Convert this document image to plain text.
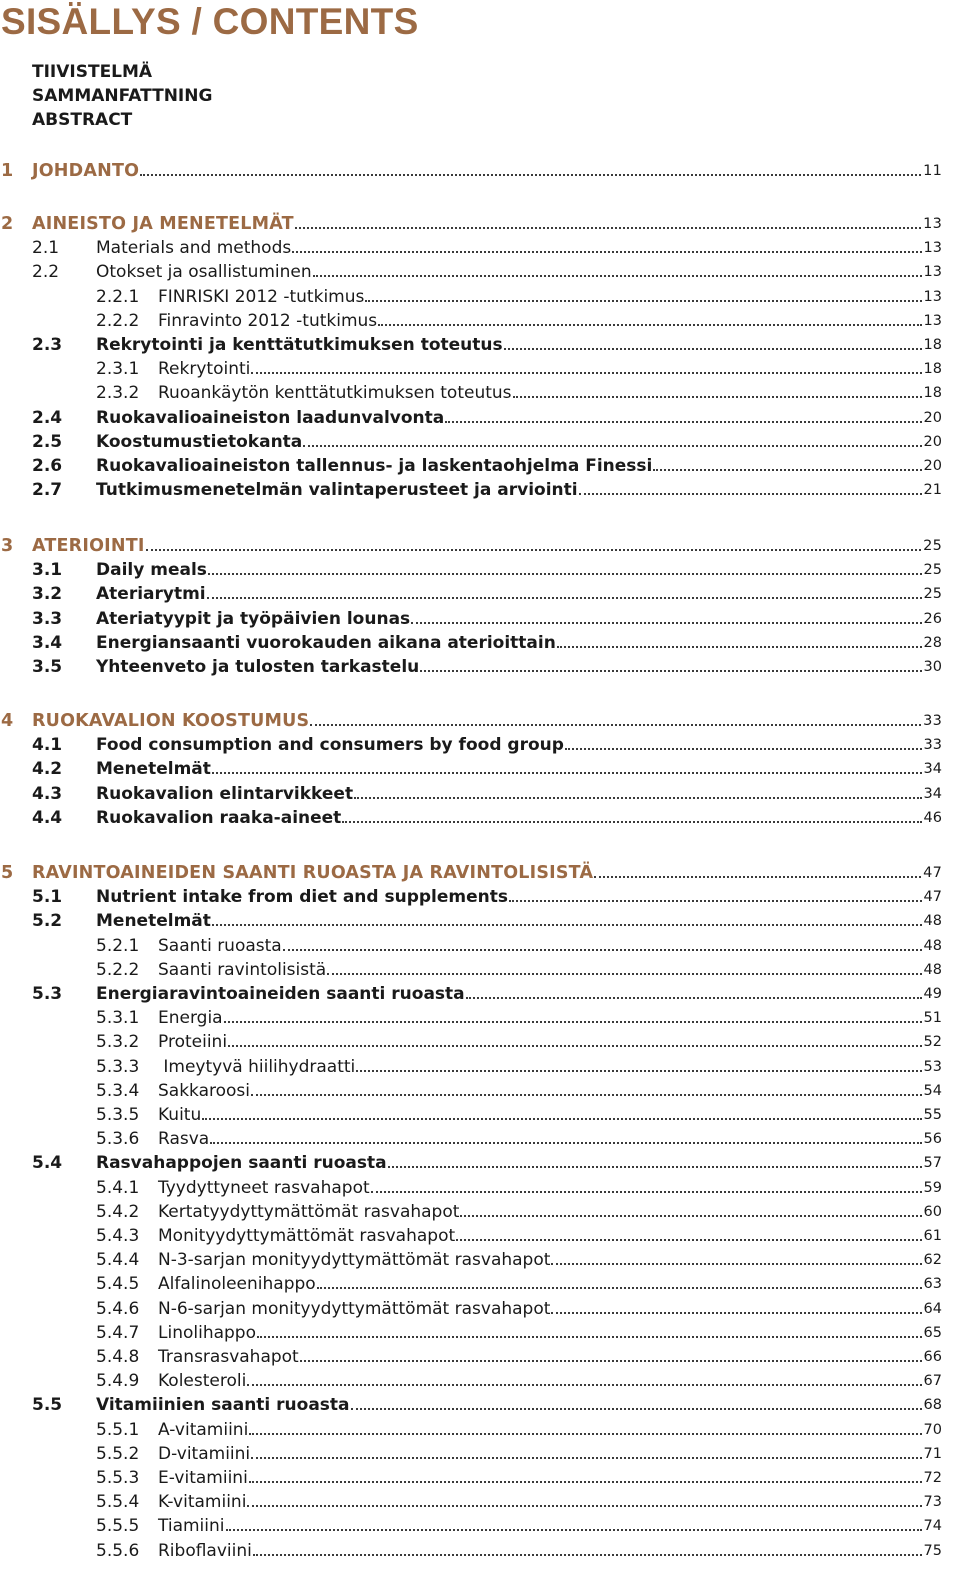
SISÄLLYS / CONTENTS
TIIVISTELMÄ
SAMMANFATTNING
ABSTRACT
1 JOHDANTO	11
2 AINEISTO JA MENETELMÄT	13
2.1 Materials and methods	13
2.2 Otokset ja osallistuminen	13
2.2.1 FINRISKI 2012 -tutkimus	13
2.2.2 Finravinto 2012 -tutkimus	13
2.3 Rekrytointi ja kenttätutkimuksen toteutus	18
2.3.1 Rekrytointi	18
2.3.2 Ruoankäytön kenttätutkimuksen toteutus	18
2.4 Ruokavalioaineiston laadunvalvonta	20
2.5 Koostumustietokanta	20
2.6 Ruokavalioaineiston tallennus- ja laskentaohjelma Finessi	20
2.7 Tutkimusmenetelmän valintaperusteet ja arviointi	21
3 ATERIOINTI	25
3.1 Daily meals	25
3.2 Ateriarytmi	25
3.3 Ateriatyypit ja työpäivien lounas	26
3.4 Energiansaanti vuorokauden aikana aterioittain	28
3.5 Yhteenveto ja tulosten tarkastelu	30
4 RUOKAVALION KOOSTUMUS	33
4.1 Food consumption and consumers by food group	33
4.2 Menetelmät	34
4.3 Ruokavalion elintarvikkeet	34
4.4 Ruokavalion raaka-aineet	46
5 RAVINTOAINEIDEN SAANTI RUOASTA JA RAVINTOLISISTÄ	47
5.1 Nutrient intake from diet and supplements	47
5.2 Menetelmät	48
5.2.1 Saanti ruoasta	48
5.2.2 Saanti ravintolisistä	48
5.3 Energiaravintoaineiden saanti ruoasta	49
5.3.1 Energia	51
5.3.2 Proteiini	52
5.3.3 Imeytyvä hiilihydraatti	53
5.3.4 Sakkaroosi	54
5.3.5 Kuitu	55
5.3.6 Rasva	56
5.4 Rasvahappojen saanti ruoasta	57
5.4.1 Tyydyttyneet rasvahapot	59
5.4.2 Kertatyydyttymättömät rasvahapot	60
5.4.3 Monityydyttymättömät rasvahapot	61
5.4.4 N-3-sarjan monityydyttymättömät rasvahapot	62
5.4.5 Alfalinoleenihappo	63
5.4.6 N-6-sarjan monityydyttymättömät rasvahapot	64
5.4.7 Linolihappo	65
5.4.8 Transrasvahapot	66
5.4.9 Kolesteroli	67
5.5 Vitamiinien saanti ruoasta	68
5.5.1 A-vitamiini	70
5.5.2 D-vitamiini	71
5.5.3 E-vitamiini	72
5.5.4 K-vitamiini	73
5.5.5 Tiamiini	74
5.5.6 Riboflaviini	75
